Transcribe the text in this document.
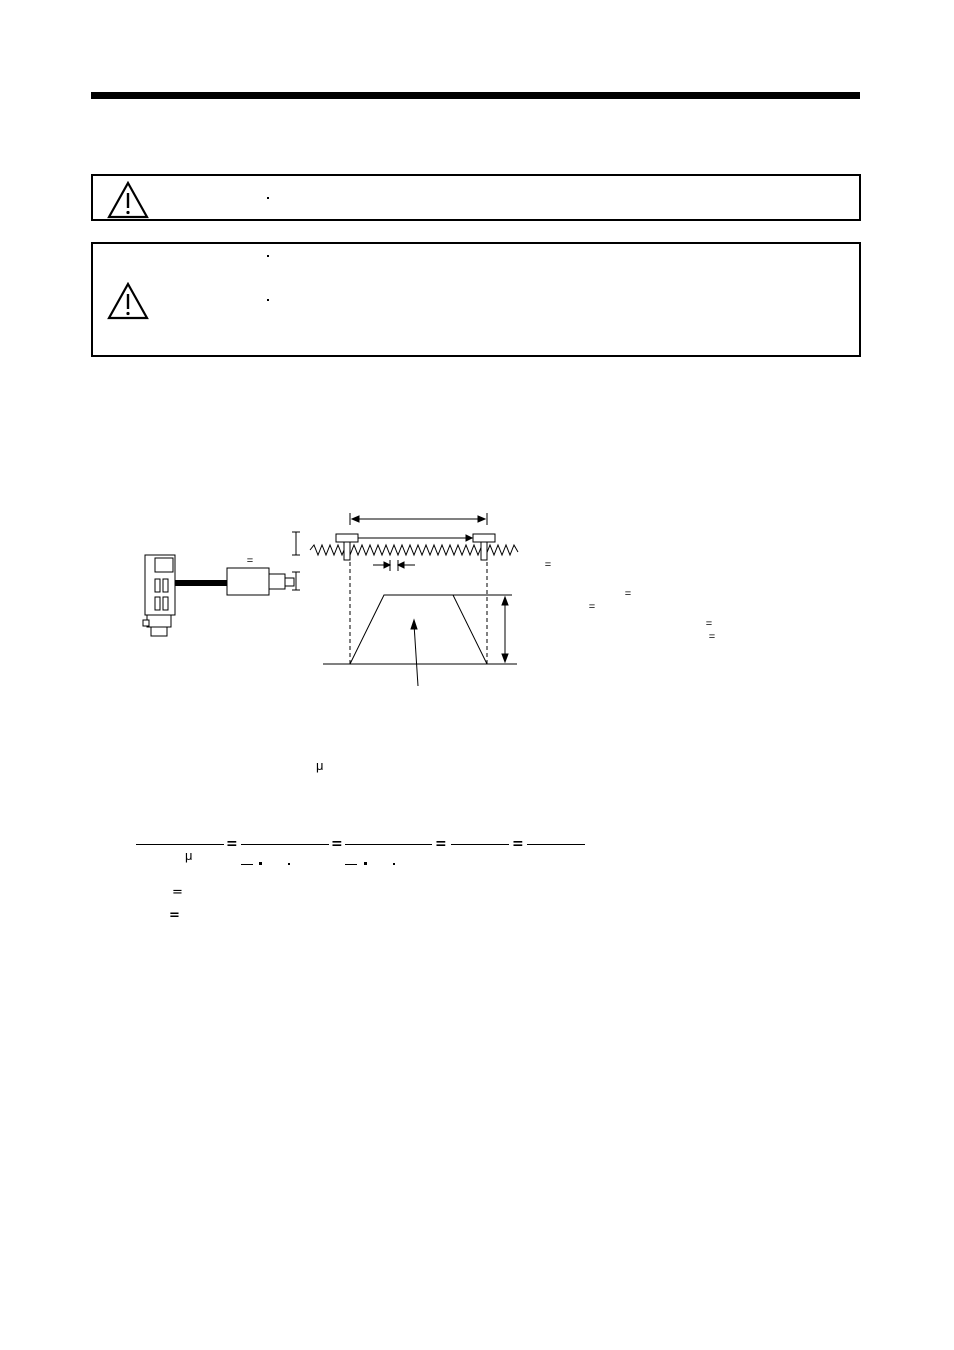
=	=
=
=
=
=
μ
=	=	=	=
μ
=
=
